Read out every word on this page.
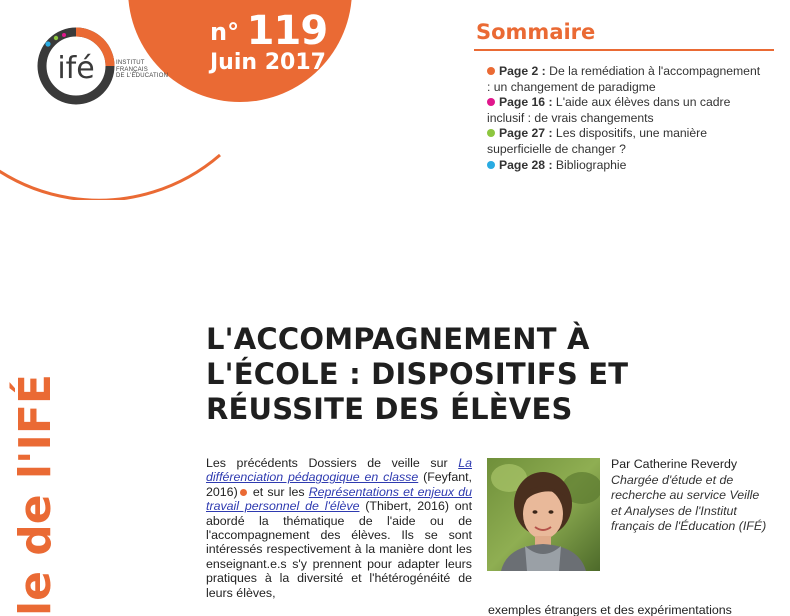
ifé	INSTITUT
FRANÇAIS
DE L'ÉDUCATION
n° 119
Juin 2017
Sommaire

Page 2 : De la remédiation à l'accompagnement : un changement de paradigme

Page 16 : L'aide aux élèves dans un cadre inclusif : de vrais changements

Page 27 : Les dispositifs, une manière superficielle de changer ?

Page 28 : Bibliographie

le de l'IFÉ
L'ACCOMPAGNEMENT À
L'ÉCOLE : DISPOSITIFS ET
RÉUSSITE DES ÉLÈVES
Les précédents Dossiers de veille sur La différenciation pédagogique en classe (Feyfant, 2016) et sur les Représentations et enjeux du travail personnel de l'élève (Thibert, 2016) ont abordé la thématique de l'aide ou de l'accompagnement des élèves. Ils se sont intéressés respectivement à la manière dont les enseignant.e.s s'y prennent pour adapter leurs pratiques à la diversité et l'hétérogénéité de leurs élèves,
Par Catherine Reverdy
Chargée d'étude et de recherche au service Veille et Analyses de l'Institut français de l'Éducation (IFÉ)
exemples étrangers et des expérimentations
